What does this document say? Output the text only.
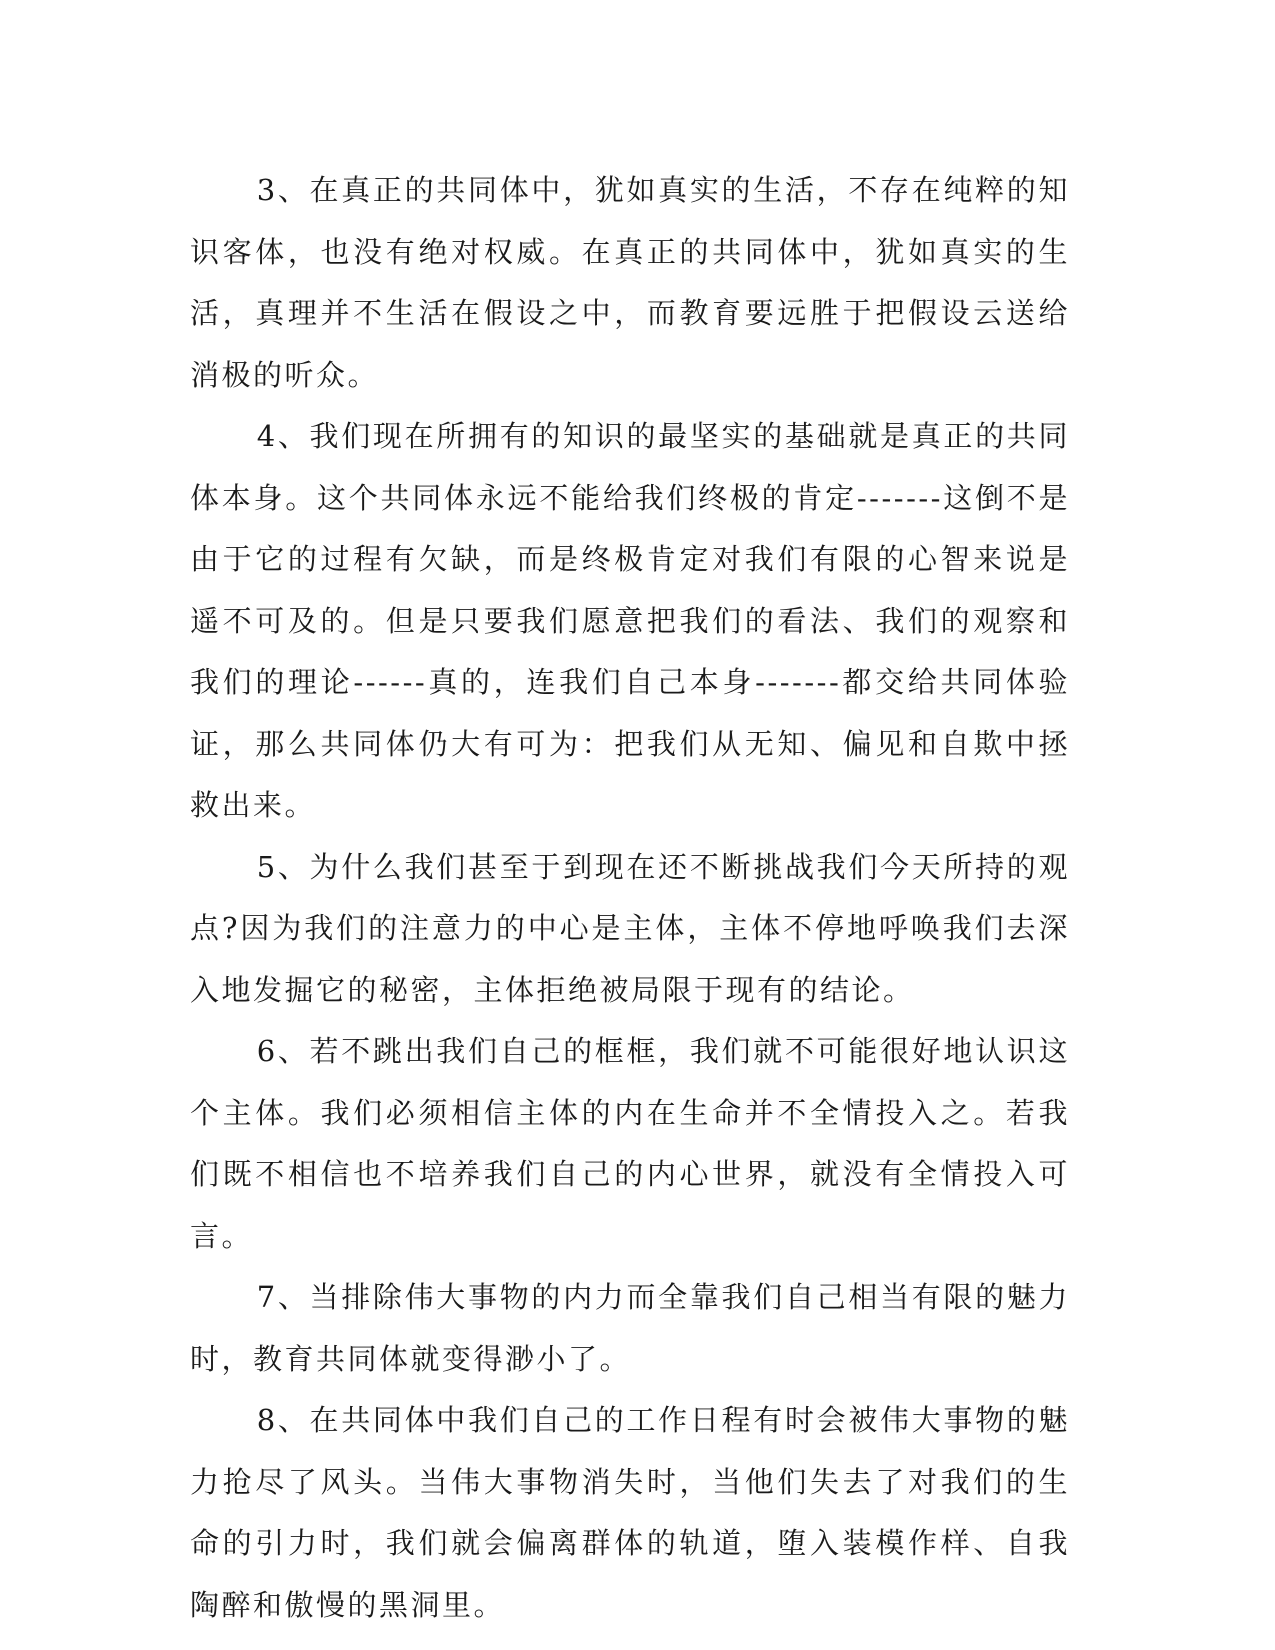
3、在真正的共同体中，犹如真实的生活，不存在纯粹的知识客体，也没有绝对权威。在真正的共同体中，犹如真实的生活，真理并不生活在假设之中，而教育要远胜于把假设云送给消极的听众。

4、我们现在所拥有的知识的最坚实的基础就是真正的共同体本身。这个共同体永远不能给我们终极的肯定-------这倒不是由于它的过程有欠缺，而是终极肯定对我们有限的心智来说是遥不可及的。但是只要我们愿意把我们的看法、我们的观察和我们的理论------真的，连我们自己本身-------都交给共同体验证，那么共同体仍大有可为：把我们从无知、偏见和自欺中拯救出来。

5、为什么我们甚至于到现在还不断挑战我们今天所持的观点?因为我们的注意力的中心是主体，主体不停地呼唤我们去深入地发掘它的秘密，主体拒绝被局限于现有的结论。

6、若不跳出我们自己的框框，我们就不可能很好地认识这个主体。我们必须相信主体的内在生命并不全情投入之。若我们既不相信也不培养我们自己的内心世界，就没有全情投入可言。

7、当排除伟大事物的内力而全靠我们自己相当有限的魅力时，教育共同体就变得渺小了。

8、在共同体中我们自己的工作日程有时会被伟大事物的魅力抢尽了风头。当伟大事物消失时，当他们失去了对我们的生命的引力时，我们就会偏离群体的轨道，堕入装模作样、自我陶醉和傲慢的黑洞里。
